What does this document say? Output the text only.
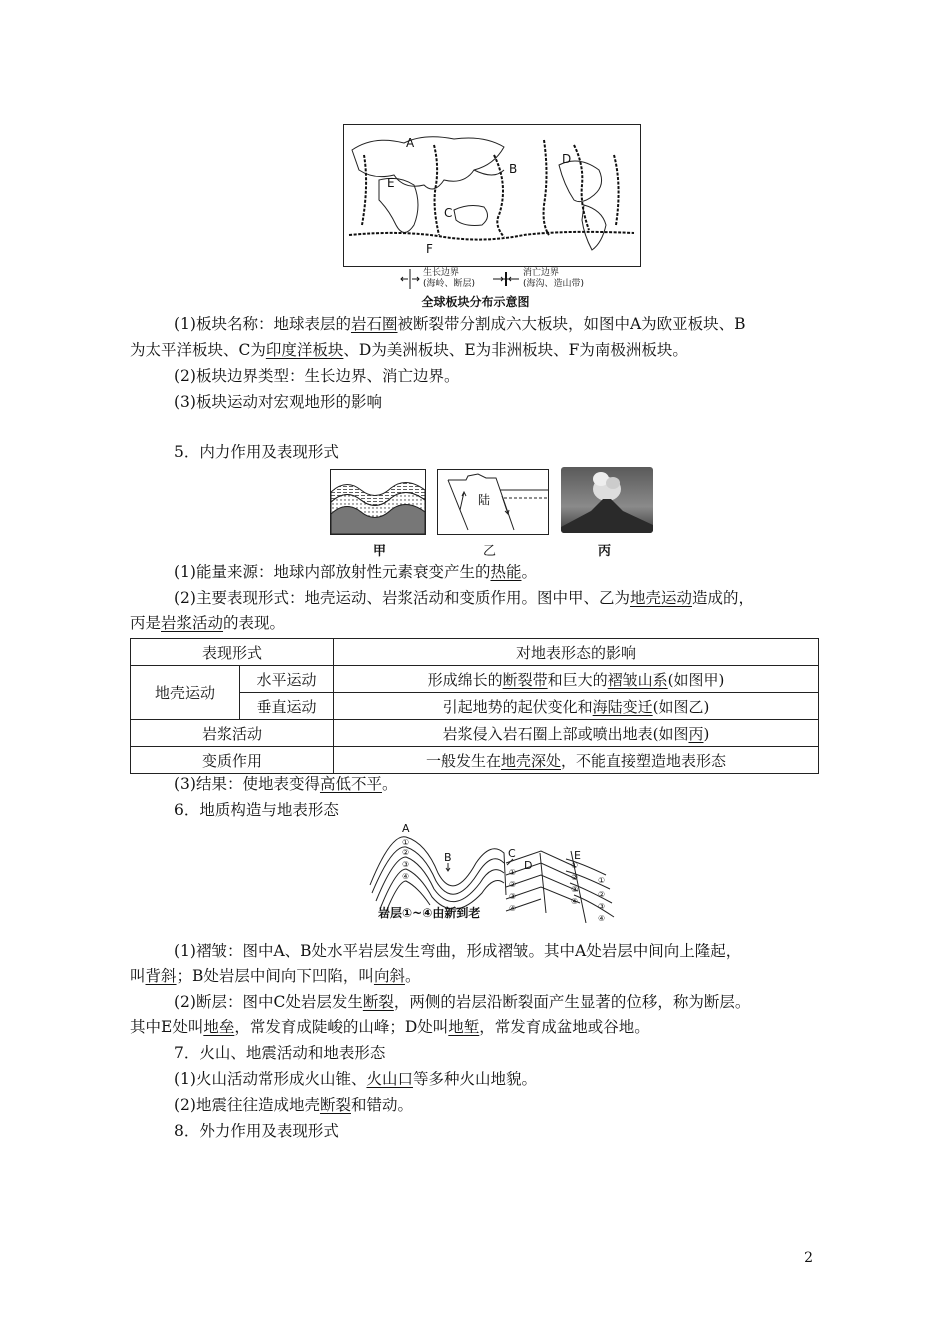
A
B
C
D
E
F
生长边界
(海岭、断层)
消亡边界
(海沟、造山带)
全球板块分布示意图
(1)板块名称：地球表层的岩石圈被断裂带分割成六大板块，如图中A为欧亚板块、B
为太平洋板块、C为印度洋板块、D为美洲板块、E为非洲板块、F为南极洲板块。
(2)板块边界类型：生长边界、消亡边界。
(3)板块运动对宏观地形的影响
5．内力作用及表现形式
陆
甲	乙	丙
(1)能量来源：地球内部放射性元素衰变产生的热能。
(2)主要表现形式：地壳运动、岩浆活动和变质作用。图中甲、乙为地壳运动造成的，
丙是岩浆活动的表现。
表现形式		对地表形态的影响
地壳运动	水平运动	形成绵长的断裂带和巨大的褶皱山系(如图甲)
	垂直运动	引起地势的起伏变化和海陆变迁(如图乙)
岩浆活动		岩浆侵入岩石圈上部或喷出地表(如图丙)
变质作用		一般发生在地壳深处，不能直接塑造地表形态
(3)结果：使地表变得高低不平。
6．地质构造与地表形态
A
B	C
D
E
①
②
③
④	①
②
③
④
①
②
③
④
①
②
③
④
岩层①~④由新到老
(1)褶皱：图中A、B处水平岩层发生弯曲，形成褶皱。其中A处岩层中间向上隆起，
叫背斜；B处岩层中间向下凹陷，叫向斜。
(2)断层：图中C处岩层发生断裂，两侧的岩层沿断裂面产生显著的位移，称为断层。
其中E处叫地垒，常发育成陡峻的山峰；D处叫地堑，常发育成盆地或谷地。
7．火山、地震活动和地表形态
(1)火山活动常形成火山锥、火山口等多种火山地貌。
(2)地震往往造成地壳断裂和错动。
8．外力作用及表现形式
2
